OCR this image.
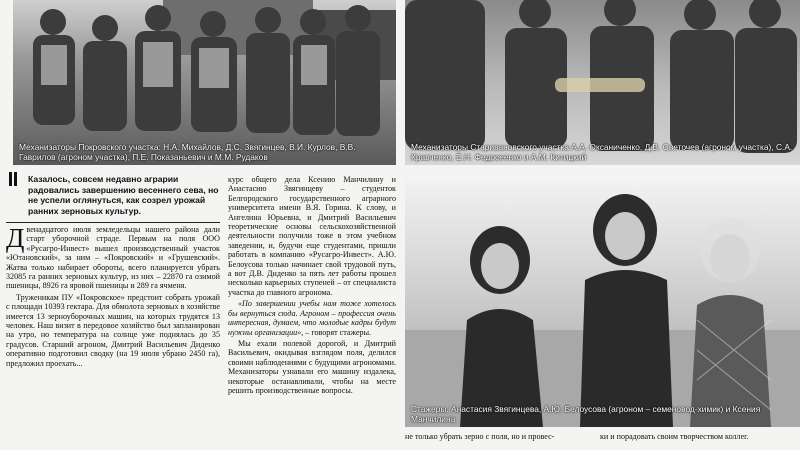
Механизаторы Покровского участка: Н.А. Михайлов, Д.С. Звягинцев, В.И. Курлов, В.В. Гаврилов (агроном участка), П.Е. Показаньевич и М.М. Рудаков
Механизаторы Старивановского участка А.А. Оксаниченко, Д.В. Светочев (агроном участка), С.А. Кравченко, Е.Н. Федосеенко и А.М. Китицкий
Стажеры: Анастасия Звягинцева, А.Ю. Белоусова (агроном – семеновод-химик) и Ксения Манчилина
Казалось, совсем недавно аграрии радовались завершению весеннего сева, но не успели оглянуться, как созрел урожай ранних зерновых культур.

Двенадцатого июля земледельцы нашего района дали старт уборочной страде. Первым на поля ООО «Русагро-Инвест» вышел производственный участок «Ютановский», за ним – «Покровский» и «Грушевский». Жатва только набирает обороты, всего планируется убрать 32085 га ранних зерновых культур, из них – 22870 га озимой пшеницы, 8926 га яровой пшеницы и 289 га ячменя.

Труженикам ПУ «Покровское» предстоит собрать урожай с площади 10393 гектара. Для обмолота зерновых в хозяйстве имеется 13 зерноуборочных машин, на которых трудятся 13 человек. Наш визит в передовое хозяйство был запланирован на утро, но температура на солнце уже поднялась до 35 градусов. Старший агроном, Дмитрий Васильевич Диденко оперативно подготовил сводку (на 19 июля убрано 2450 га), предложил проехать...

курс общего дела Ксению Манчилину и Анастасию Звягинцеву – студенток Белгородского государственного аграрного университета имени В.Я. Горина. К слову, и Ангелина Юрьевна, и Дмитрий Васильевич теоретические основы сельскохозяйственной деятельности получили тоже в этом учебном заведении, и, будучи еще студентами, пришли работать в компанию «Русагро-Инвест». А.Ю. Белоусова только начинает свой трудовой путь, а вот Д.В. Диденко за пять лет работы прошел несколько карьерных ступеней – от специалиста участка до главного агронома.

«По завершении учебы нам тоже хотелось бы вернуться сюда. Агроном – профессия очень интересная, думаем, что молодые кадры будут нужны организации», – говорят стажеры.

Мы ехали полевой дорогой, и Дмитрий Васильевич, окидывая взглядом поля, делился своими наблюдениями с будущими агрономами. Механизаторы узнавали его машину издалека, некоторые останавливали, чтобы на месте решить производственные вопросы.

не только убрать зерно с поля, но и провес-	ки и порадовать своим творчеством коллег.
